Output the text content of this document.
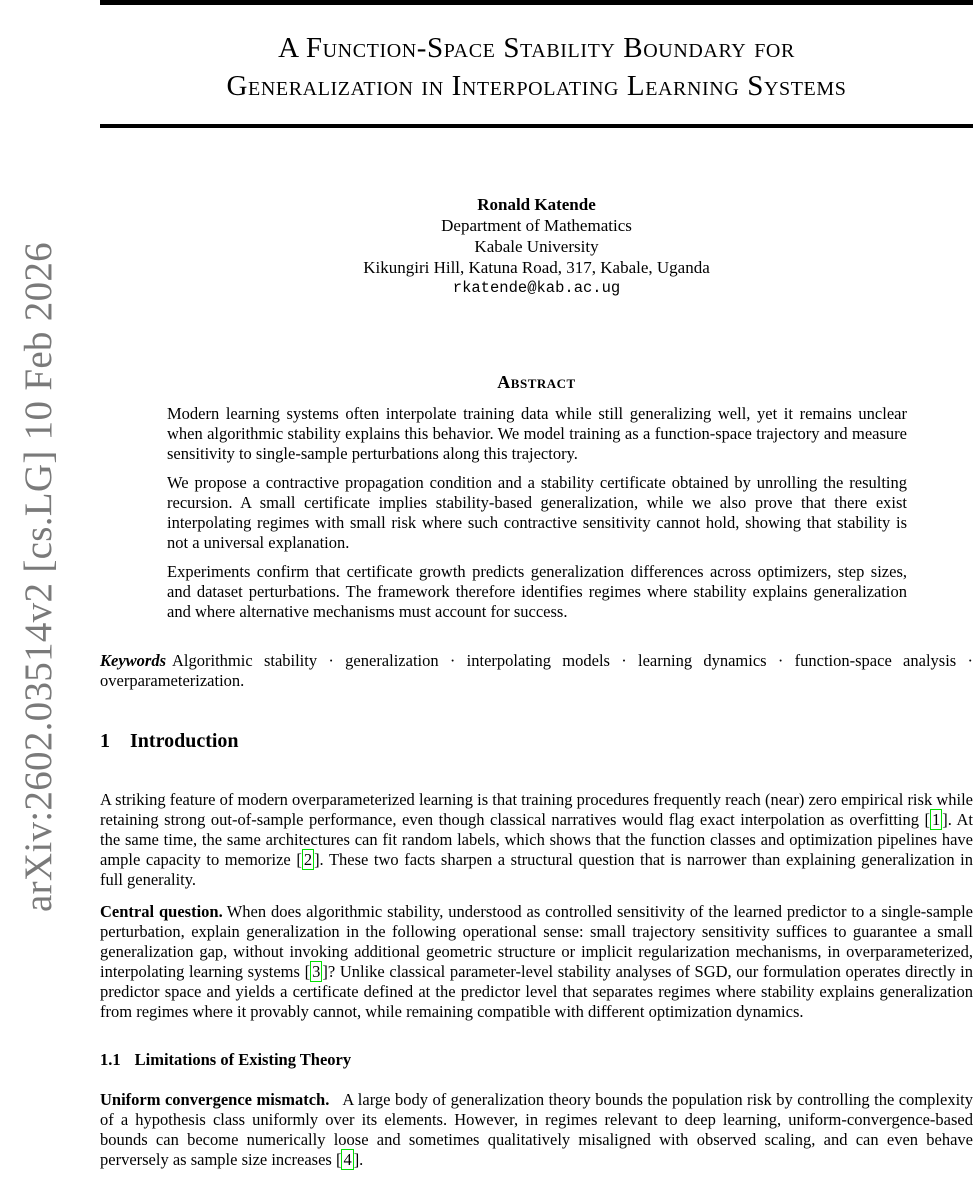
arXiv:2602.03514v2 [cs.LG] 10 Feb 2026
A Function-Space Stability Boundary for
Generalization in Interpolating Learning Systems
Ronald Katende
Department of Mathematics
Kabale University
Kikungiri Hill, Katuna Road, 317, Kabale, Uganda
rkatende@kab.ac.ug
Abstract

Modern learning systems often interpolate training data while still generalizing well, yet it remains unclear when algorithmic stability explains this behavior. We model training as a function-space trajectory and measure sensitivity to single-sample perturbations along this trajectory.

We propose a contractive propagation condition and a stability certificate obtained by unrolling the resulting recursion. A small certificate implies stability-based generalization, while we also prove that there exist interpolating regimes with small risk where such contractive sensitivity cannot hold, showing that stability is not a universal explanation.

Experiments confirm that certificate growth predicts generalization differences across optimizers, step sizes, and dataset perturbations. The framework therefore identifies regimes where stability explains generalization and where alternative mechanisms must account for success.

Keywords Algorithmic stability · generalization · interpolating models · learning dynamics · function-space analysis · overparameterization.
1 Introduction
A striking feature of modern overparameterized learning is that training procedures frequently reach (near) zero empirical risk while retaining strong out-of-sample performance, even though classical narratives would flag exact interpolation as overfitting [ 1 ]. At the same time, the same architectures can fit random labels, which shows that the function classes and optimization pipelines have ample capacity to memorize [ 2 ]. These two facts sharpen a structural question that is narrower than explaining generalization in full generality.
Central question. When does algorithmic stability, understood as controlled sensitivity of the learned predictor to a single-sample perturbation, explain generalization in the following operational sense: small trajectory sensitivity suffices to guarantee a small generalization gap, without invoking additional geometric structure or implicit regularization mechanisms, in overparameterized, interpolating learning systems [ 3 ]? Unlike classical parameter-level stability analyses of SGD, our formulation operates directly in predictor space and yields a certificate defined at the predictor level that separates regimes where stability explains generalization from regimes where it provably cannot, while remaining compatible with different optimization dynamics.
1.1 Limitations of Existing Theory
Uniform convergence mismatch. A large body of generalization theory bounds the population risk by controlling the complexity of a hypothesis class uniformly over its elements. However, in regimes relevant to deep learning, uniform-convergence-based bounds can become numerically loose and sometimes qualitatively misaligned with observed scaling, and can even behave perversely as sample size increases [ 4 ].
